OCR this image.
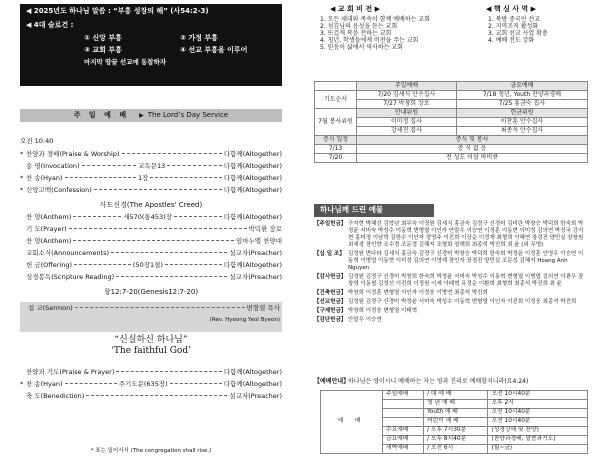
◀ 2025년도 하나님 말씀 : “부흥 성장의 해” (사54:2-3)
◀ 4대 슬로건 :
① 신앙 부흥	② 가정 부흥
③ 교회 부흥	④ 선교 부흥을 이루어
마지막 땅끝 선교에 동참하자
주 일 예 배 ▶ The Lord’s Day Service
오전 10:40
* 찬양과 경배(Praise & Worship)	다함께(Altogether)
송 영(Invocation)	교독문13	다함께(Altogether)
* 찬 송(Hyan)	1장	다함께(Altogether)
* 신앙고백(Confession)	다함께(Altogether)
사도신경(The Apostles' Creed)
찬 양(Anthem)	새570(통453)장	다함께(Altogether)
기 도(Prayer)	박덕환 장로
찬 양(Anthem)	임마누엘 찬양대
교회소식(Announcements)	설교자(Preacher)
헌 금(Offering)	(50장1절)	다함께(Altogether)
성경봉독(Scripture Reading)	설교자(Preacher)
창12:7-20(Genesis12:7-20)
설 교(Sermon)	변형열 목사
(Rev. Hyeong Yeol Byeon)
“신실하신 하나님”
‘The faithful God’
찬양과 기도(Praise & Prayer)	다함께(Altogether)
* 찬 송(Hyan)	주기도문(635장)	다함께(Altogether)
축 도(Benediction)	설교자(Preacher)
* 표는 일어서서 (The congregation shall rise.)
◀ 교 회 비 전 ▶
1. 모든 세대와 족속이 함께 예배하는 교회
2. 섬김님의 음성을 듣는 교회
3. 뜨겁게 복음 전하는 교회
4. 청년, 학생들에게 비전을 주는 교회
5. 믿음이 삶에서 역사하는 교회
◀ 핵 심 사 역 ▶
1. 북방 중국인 선교
2. 지역조직 활성화
3. 교회 선교 사업 확충
4. 예배 전도 강화
	주일예배	금요예배
기도순서	7/20 김세식 안수집사	7/18 청년, Youth 찬양과경배
	7/27 박창희 장로	7/25 홍금숙 집사
7월 봉사위원	안내위원	헌금위원
	이미정 집사	이찬훈 안수집사
	강세진 집사	최종석 안수집사
증식 일정	증식 및 봉사	
7/13	증 식 없 음	
7/20	전 성도 이삼 바비큐	
하나님께 드린 예물
【주일헌금】 구자현 박혜선 김학년 최무숙 이정원 김세식 홍금숙 김정구 신경미 김미란 박창승 박덕희 한숙희 박정윤 서미숙 박성수 이동혁 변형열 이인자 안말우 이승연 이정훈 이동현 이미정 김의연 박정국 강지현 홍미정 이남혁 김한수 이인자 정영주 이진희 이상순 이정재 최형희 이혜연 장경진 양민실 장창원 최세경 장인향 조수경 조문경 김혜지 조형회 엄해희 최종석 박진희 최 윤 (외 무명)
【십 일 조】 김정원 변다라 김세식 홍금숙 김정구 신경미 박창승 박덕희 한숙희 박정윤 이정훈 안영우 이승연 이동혁 이병엽 이동현 이미정 김의연 이영재 장인자 장경진 양민실 조문성 김혜지 Hoang Anh Nguyen
【감사헌금】 김정원 김정구 신경미 박창희 한숙희 박정윤 서미숙 박성수 이동혁 변형열 이병엽 김의연 이광우 장창영 이동철 김정선 이진희 이정원 이세 이태혁 유정순 이환희 최형희 최종석 박진희 최 윤
【건축헌금】 박창희 이정훈 변형열 이인자 이정웅 이병연 최종석 박진희
【선교헌금】 김정원 김정구 신경미 박정윤 서미숙 박성수 이동혁 변형열 이인자 이진희 이정웅 최종석 박진희
【구제헌금】 박창희 이정웅 변형열 이태혁
【감단헌금】 안말우 이승연
【예배안내】
하나님은 영이시니 예배하는 자는 영과 진리로 예배할지니라(요4:24)
예 배	주일예배	/ 대 예 배	오전 10시40분
		청 년 예 배	오후 2시
		Youth 예 배	오전 10시40분
		어린이 예 배	오전 10시40분
	수요예배	/ 오후 7시30분	(성경강해 및 찬양)
	금요예배	/ 오후 8시40분	(찬양과경배, 말씀과기도)
	새벽예배	/ 오전 6시	(월~금)
